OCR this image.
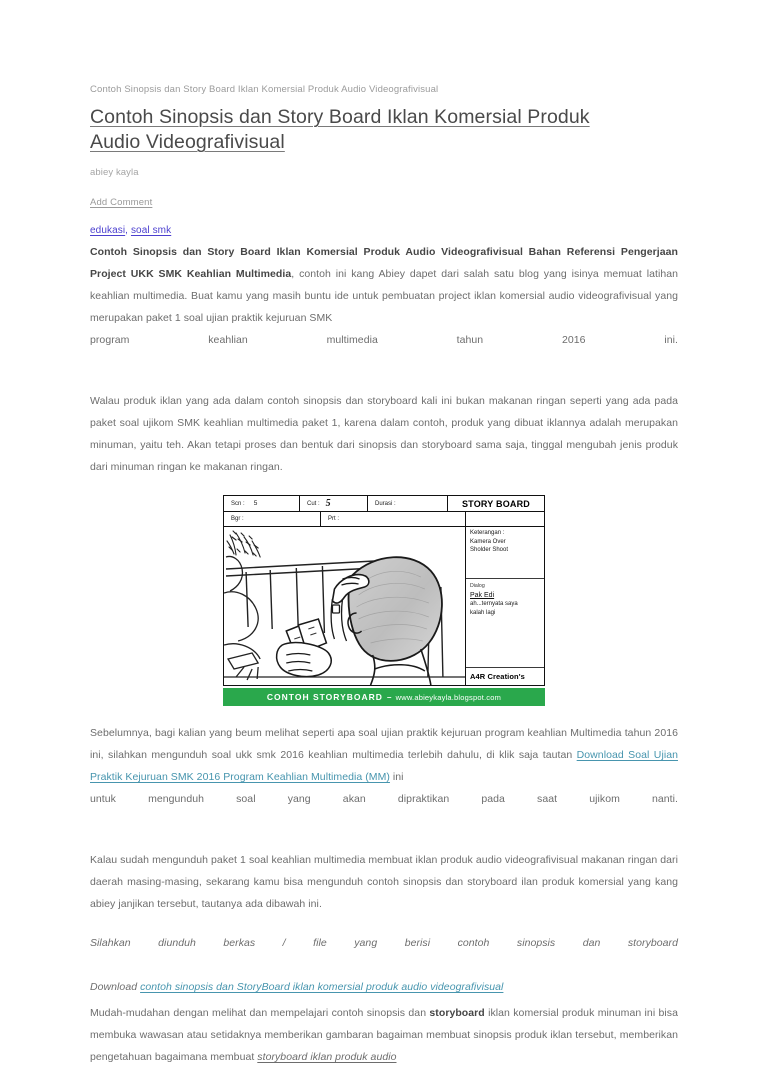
Contoh Sinopsis dan Story Board Iklan Komersial Produk Audio Videografivisual
Contoh Sinopsis dan Story Board Iklan Komersial Produk
Audio Videografivisual
abiey kayla
Add Comment
edukasi, soal smk

Contoh Sinopsis dan Story Board Iklan Komersial Produk Audio Videografivisual Bahan Referensi Pengerjaan Project UKK SMK Keahlian Multimedia, contoh ini kang Abiey dapet dari salah satu blog yang isinya memuat latihan keahlian multimedia. Buat kamu yang masih buntu ide untuk pembuatan project iklan komersial audio videografivisual yang merupakan paket 1 soal ujian praktik kejuruan SMK
program keahlian multimedia tahun 2016 ini.

Walau produk iklan yang ada dalam contoh sinopsis dan storyboard kali ini bukan makanan ringan seperti yang ada pada paket soal ujikom SMK keahlian multimedia paket 1, karena dalam contoh, produk yang dibuat iklannya adalah merupakan minuman, yaitu teh. Akan tetapi proses dan bentuk dari sinopsis dan storyboard sama saja, tinggal mengubah jenis produk dari minuman ringan ke makanan ringan.

Scn : 5	Cut : 5	Durasi :	STORY BOARD
Bgr :	Prt :
Keterangan :
Kamera Over
Sholder Shoot
Dialog
Pak Edi
ah...ternyata saya
kalah lagi
A4R Creation's
CONTOH STORYBOARD – www.abieykayla.blogspot.com

Sebelumnya, bagi kalian yang beum melihat seperti apa soal ujian praktik kejuruan program keahlian Multimedia tahun 2016 ini, silahkan mengunduh soal ukk smk 2016 keahlian multimedia terlebih dahulu, di klik saja tautan Download Soal Ujian Praktik Kejuruan SMK 2016 Program Keahlian Multimedia (MM) ini
untuk mengunduh soal yang akan dipraktikan pada saat ujikom nanti.

Kalau sudah mengunduh paket 1 soal keahlian multimedia membuat iklan produk audio videografivisual makanan ringan dari daerah masing-masing, sekarang kamu bisa mengunduh contoh sinopsis dan storyboard ilan produk komersial yang kang abiey janjikan tersebut, tautanya ada dibawah ini.

Silahkan diunduh berkas / file yang berisi contoh sinopsis dan storyboard
Download contoh sinopsis dan StoryBoard iklan komersial produk audio videografivisual

Mudah-mudahan dengan melihat dan mempelajari contoh sinopsis dan storyboard iklan komersial produk minuman ini bisa membuka wawasan atau setidaknya memberikan gambaran bagaiman membuat sinopsis produk iklan tersebut, memberikan pengetahuan bagaimana membuat storyboard iklan produk audio
